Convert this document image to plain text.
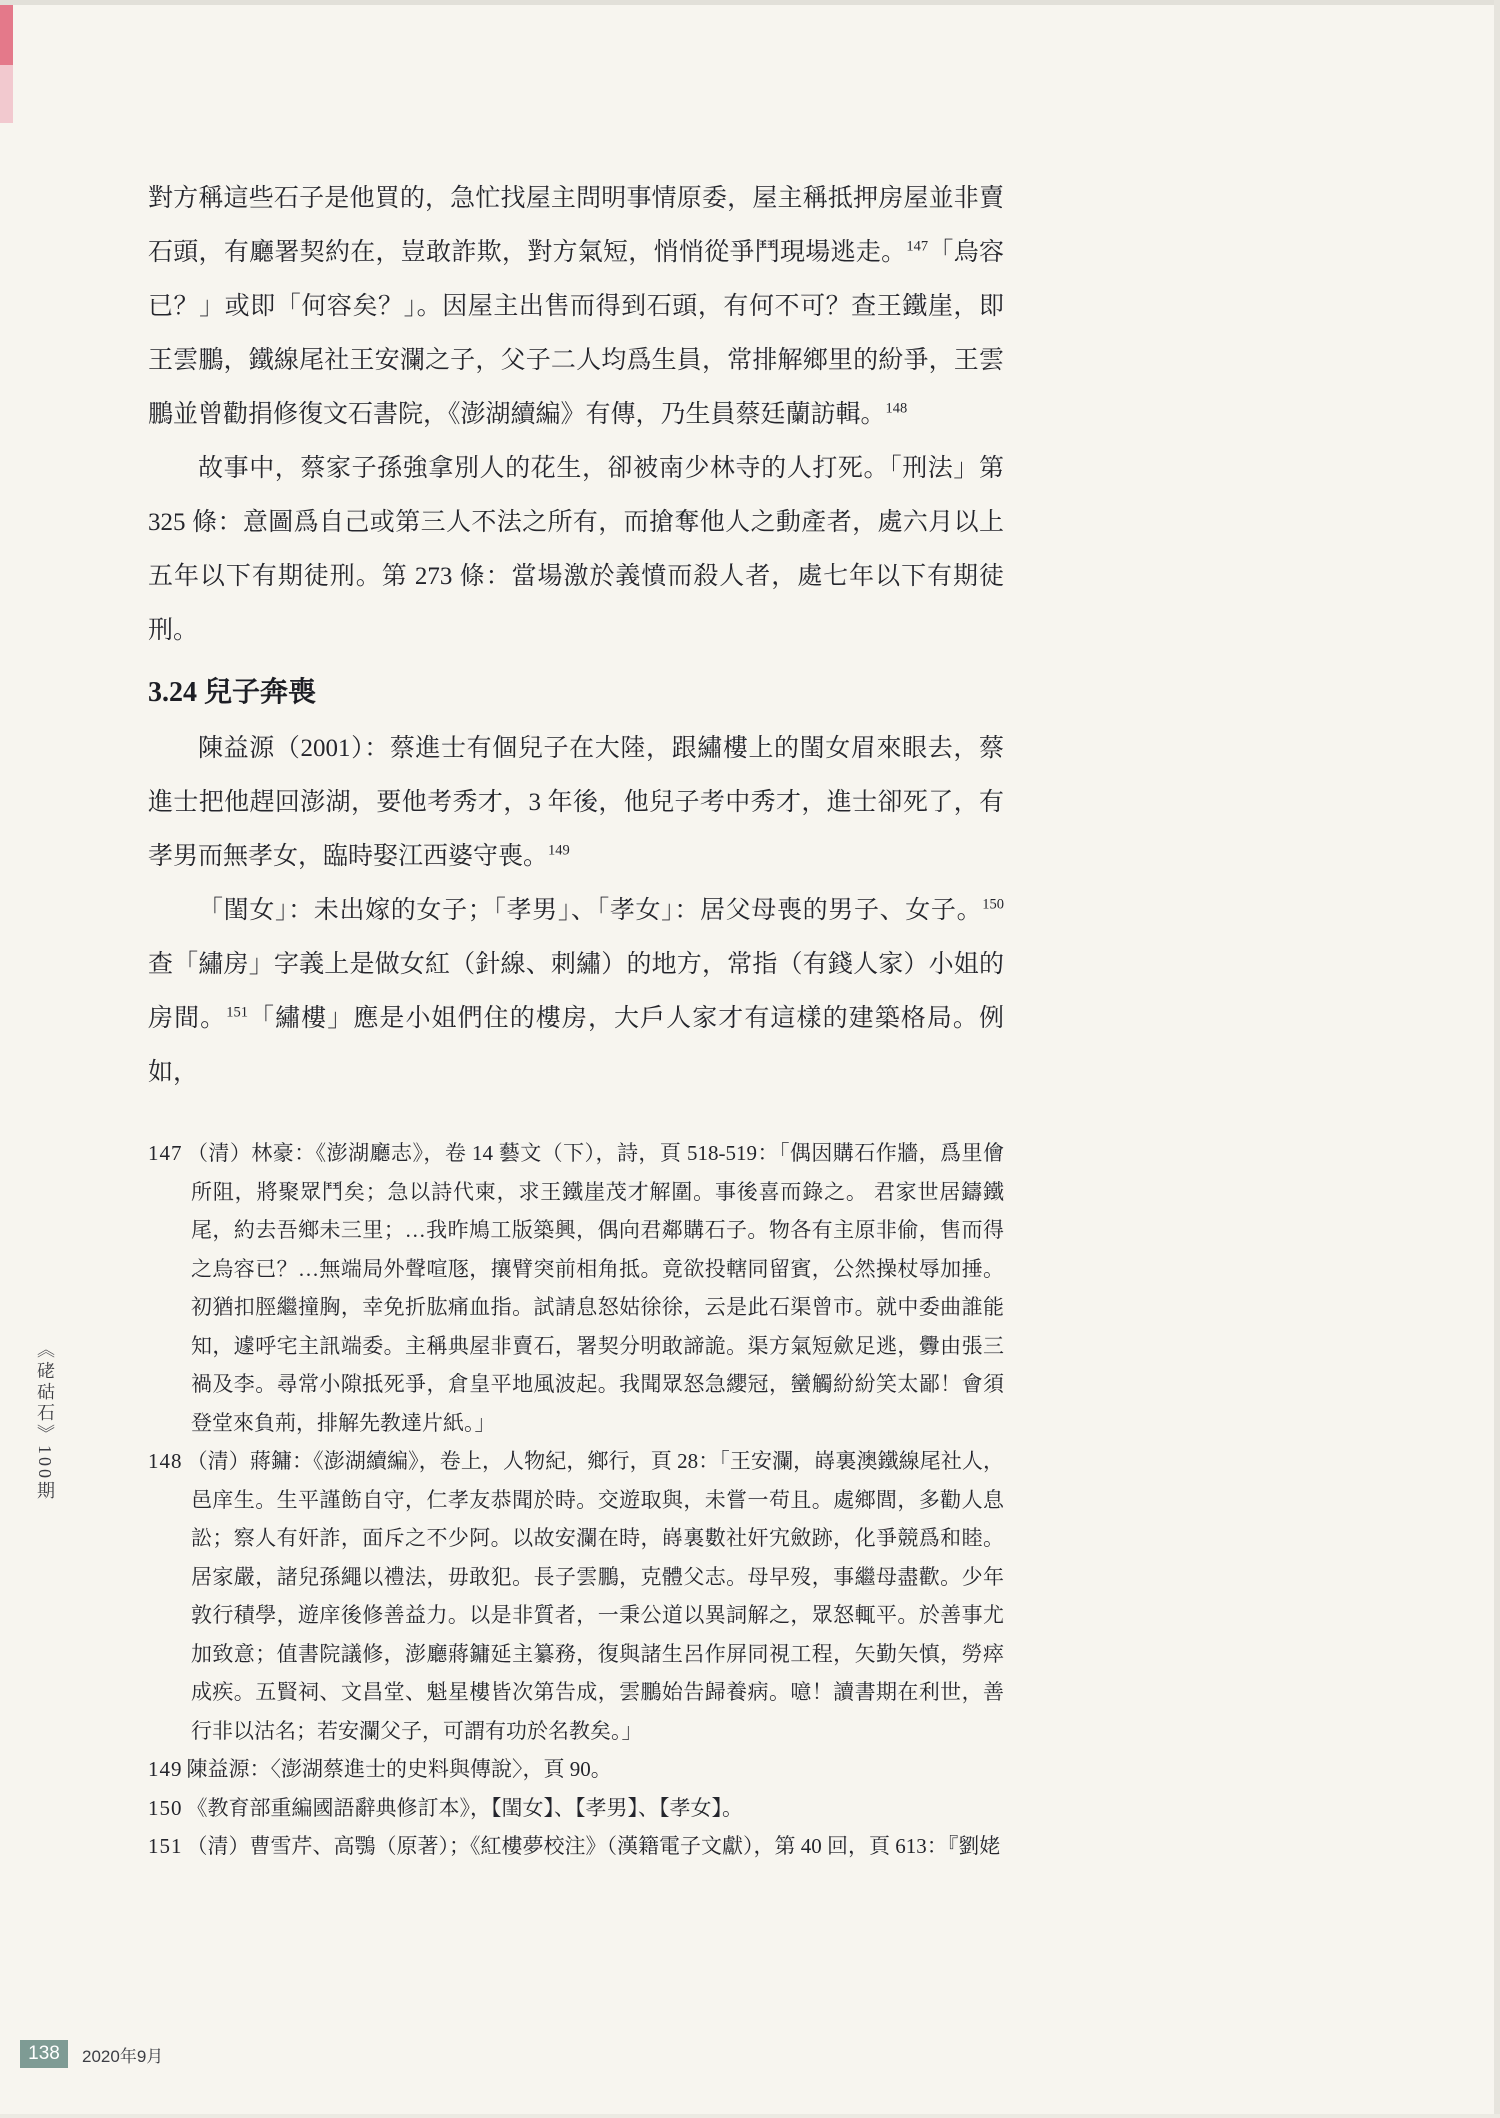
對方稱這些石子是他買的，急忙找屋主問明事情原委，屋主稱抵押房屋並非賣石頭，有廳署契約在，豈敢詐欺，對方氣短，悄悄從爭鬥現場逃走。$^{147}$「烏容已？」或即「何容矣？」。因屋主出售而得到石頭，有何不可？查王鐵崖，即王雲鵬，鐵線尾社王安瀾之子，父子二人均爲生員，常排解鄉里的紛爭，王雲鵬並曾勸捐修復文石書院，《澎湖續編》有傳，乃生員蔡廷蘭訪輯。$^{148}$

故事中，蔡家子孫強拿別人的花生，卻被南少林寺的人打死。「刑法」第 325 條：意圖爲自己或第三人不法之所有，而搶奪他人之動產者，處六月以上五年以下有期徒刑。第 273 條：當場激於義憤而殺人者，處七年以下有期徒刑。

3.24 兒子奔喪

陳益源（2001）：蔡進士有個兒子在大陸，跟繡樓上的閨女眉來眼去，蔡進士把他趕回澎湖，要他考秀才，3 年後，他兒子考中秀才，進士卻死了，有孝男而無孝女，臨時娶江西婆守喪。$^{149}$

「閨女」：未出嫁的女子；「孝男」、「孝女」：居父母喪的男子、女子。$^{150}$查「繡房」字義上是做女紅（針線、刺繡）的地方，常指（有錢人家）小姐的房間。$^{151}$「繡樓」應是小姐們住的樓房，大戶人家才有這樣的建築格局。例如，

147 （清）林豪：《澎湖廳志》，卷 14 藝文（下），詩，頁 518-519：「偶因購石作牆，爲里儈所阻，將聚眾鬥矣；急以詩代柬，求王鐵崖茂才解圍。事後喜而錄之。 君家世居鑄鐵尾，約去吾鄉未三里；…我昨鳩工版築興，偶向君鄰購石子。物各有主原非偷，售而得之烏容已？…無端局外聲喧豗，攘臂突前相角抵。竟欲投轄同留賓，公然操杖辱加捶。初猶扣脛繼撞胸，幸免折肱痛血指。試請息怒姑徐徐，云是此石渠曾市。就中委曲誰能知，遽呼宅主訊端委。主稱典屋非賣石，署契分明敢諦詭。渠方氣短歛足逃，釁由張三禍及李。尋常小隙抵死爭，倉皇平地風波起。我聞眾怒急纓冠，蠻觸紛紛笑太鄙！會須登堂來負荊，排解先教達片紙。」

148 （清）蔣鏞：《澎湖續編》，卷上，人物紀，鄉行，頁 28：「王安瀾，嵵裏澳鐵線尾社人，邑庠生。生平謹飭自守，仁孝友恭聞於時。交遊取與，未嘗一苟且。處鄉閭，多勸人息訟；察人有奸詐，面斥之不少阿。以故安瀾在時，嵵裏數社奸宄斂跡，化爭競爲和睦。居家嚴，諸兒孫繩以禮法，毋敢犯。長子雲鵬，克體父志。母早歿，事繼母盡歡。少年敦行積學，遊庠後修善益力。以是非質者，一秉公道以異詞解之，眾怒輒平。於善事尤加致意；值書院議修，澎廳蔣鏞延主纂務，復與諸生呂作屏同視工程，矢勤矢慎，勞瘁成疾。五賢祠、文昌堂、魁星樓皆次第告成，雲鵬始告歸養病。噫！讀書期在利世，善行非以沽名；若安瀾父子，可謂有功於名教矣。」

149 陳益源：〈澎湖蔡進士的史料與傳說〉，頁 90。

150 《教育部重編國語辭典修訂本》，【閨女】、【孝男】、【孝女】。

151 （清）曹雪芹、高鶚（原著）；《紅樓夢校注》（漢籍電子文獻），第 40 回，頁 613：『劉姥

《硓𥑮石》100期
138 2020年9月
